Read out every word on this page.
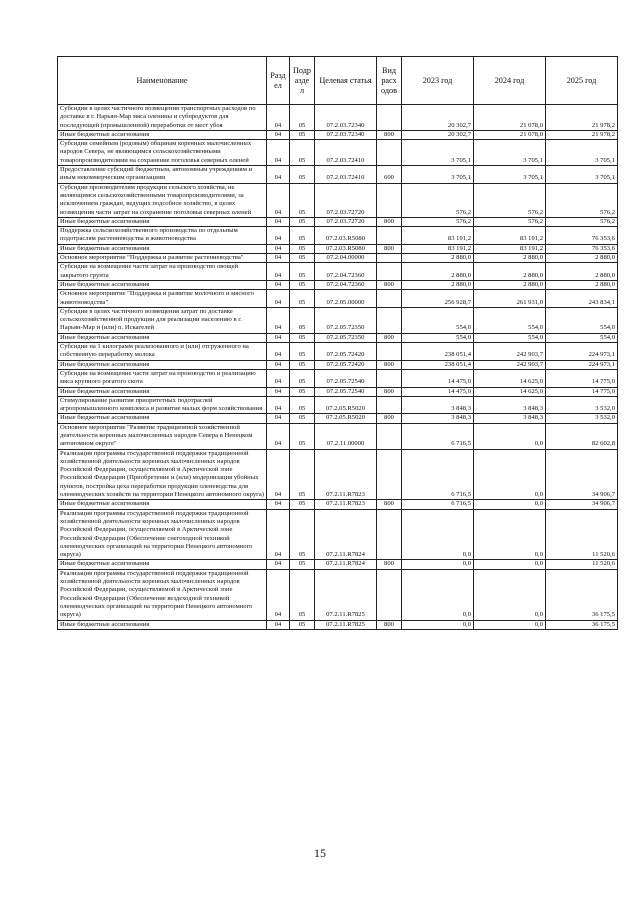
Наименование	Разд ел	Подр азде л	Целевая статья	Вид расх одов	2023 год	2024 год	2025 год
Субсидии в целях частичного возмещения транспортных расходов по доставке в г. Нарьян-Мар мяса оленины и субпродуктов для последующей (промышленной) переработки от мест убоя	04	05	07.2.03.72340		20 302,7	21 078,0	21 978,2
Иные бюджетные ассигнования	04	05	07.2.03.72340	800	20 302,7	21 078,0	21 978,2
Субсидии семейным (родовым) общинам коренных малочисленных народов Севера, не являющимся сельскохозяйственными товаропроизводителями на сохранение поголовья северных оленей	04	05	07.2.03.72410		3 705,1	3 705,1	3 705,1
Предоставление субсидий бюджетным, автономным учреждениям и иным некоммерческим организациям	04	05	07.2.03.72410	600	3 705,1	3 705,1	3 705,1
Субсидии производителям продукции сельского хозяйства, не являющимся сельскохозяйственными товаропроизводителями, за исключением граждан, ведущих подсобное хозяйство, в целях возмещения части затрат на сохранение поголовья северных оленей	04	05	07.2.03.72720		576,2	576,2	576,2
Иные бюджетные ассигнования	04	05	07.2.03.72720	800	576,2	576,2	576,2
Поддержка сельскохозяйственного производства по отдельным подотраслям растениеводства и животноводства	04	05	07.2.03.R5080		83 191,2	83 191,2	76 353,6
Иные бюджетные ассигнования	04	05	07.2.03.R5080	800	83 191,2	83 191,2	76 353,6
Основное мероприятие "Поддержка и развитие растениеводства"	04	05	07.2.04.00000		2 880,0	2 880,0	2 880,0
Субсидии на возмещение части затрат на производство овощей закрытого грунта	04	05	07.2.04.72360		2 880,0	2 880,0	2 880,0
Иные бюджетные ассигнования	04	05	07.2.04.72360	800	2 880,0	2 880,0	2 880,0
Основное мероприятие "Поддержка и развитие молочного и мясного животноводства"	04	05	07.2.05.00000		256 928,7	261 931,0	243 834,1
Субсидии в целях частичного возмещения затрат по доставке сельскохозяйственной продукции для реализации населению в г. Нарьян-Мар и (или) п. Искателей	04	05	07.2.05.72350		554,0	554,0	554,0
Иные бюджетные ассигнования	04	05	07.2.05.72350	800	554,0	554,0	554,0
Субсидии на 1 килограмм реализованного и (или) отгруженного на собственную переработку молока	04	05	07.2.05.72420		238 051,4	242 903,7	224 973,1
Иные бюджетные ассигнования	04	05	07.2.05.72420	800	238 051,4	242 903,7	224 973,1
Субсидии на возмещение части затрат на производство и реализацию мяса крупного рогатого скота	04	05	07.2.05.72540		14 475,0	14 625,0	14 775,0
Иные бюджетные ассигнования	04	05	07.2.05.72540	800	14 475,0	14 625,0	14 775,0
Стимулирование развития приоритетных подотраслей агропромышленного комплекса и развитие малых форм хозяйствования	04	05	07.2.05.R5020		3 848,3	3 848,3	3 532,0
Иные бюджетные ассигнования	04	05	07.2.05.R5020	800	3 848,3	3 848,3	3 532,0
Основное мероприятие "Развитие традиционной хозяйственной деятельности коренных малочисленных народов Севера в Ненецком автономном округе"	04	05	07.2.11.00000		6 716,5	0,0	82 602,8
Реализация программы государственной поддержки традиционной хозяйственной деятельности коренных малочисленных народов Российской Федерации, осуществляемой в Арктической зоне Российской Федерации (Приобретение и (или) модернизация убойных пунктов, постройка цеха переработки продукции оленеводства для оленеводческих хозяйств на территории Ненецкого автономного округа)	04	05	07.2.11.R7823		6 716,5	0,0	34 906,7
Иные бюджетные ассигнования	04	05	07.2.11.R7823	800	6 716,5	0,0	34 906,7
Реализация программы государственной поддержки традиционной хозяйственной деятельности коренных малочисленных народов Российской Федерации, осуществляемой в Арктической зоне Российской Федерации (Обеспечение снегоходной техникой оленеводческих организаций на территории Ненецкого автономного округа)	04	05	07.2.11.R7824		0,0	0,0	11 520,6
Иные бюджетные ассигнования	04	05	07.2.11.R7824	800	0,0	0,0	11 520,6
Реализация программы государственной поддержки традиционной хозяйственной деятельности коренных малочисленных народов Российской Федерации, осуществляемой в Арктической зоне Российской Федерации (Обеспечение вездеходной техникой оленеводческих организаций на территории Ненецкого автономного округа)	04	05	07.2.11.R7825		0,0	0,0	36 175,5
Иные бюджетные ассигнования	04	05	07.2.11.R7825	800	0,0	0,0	36 175,5
15
